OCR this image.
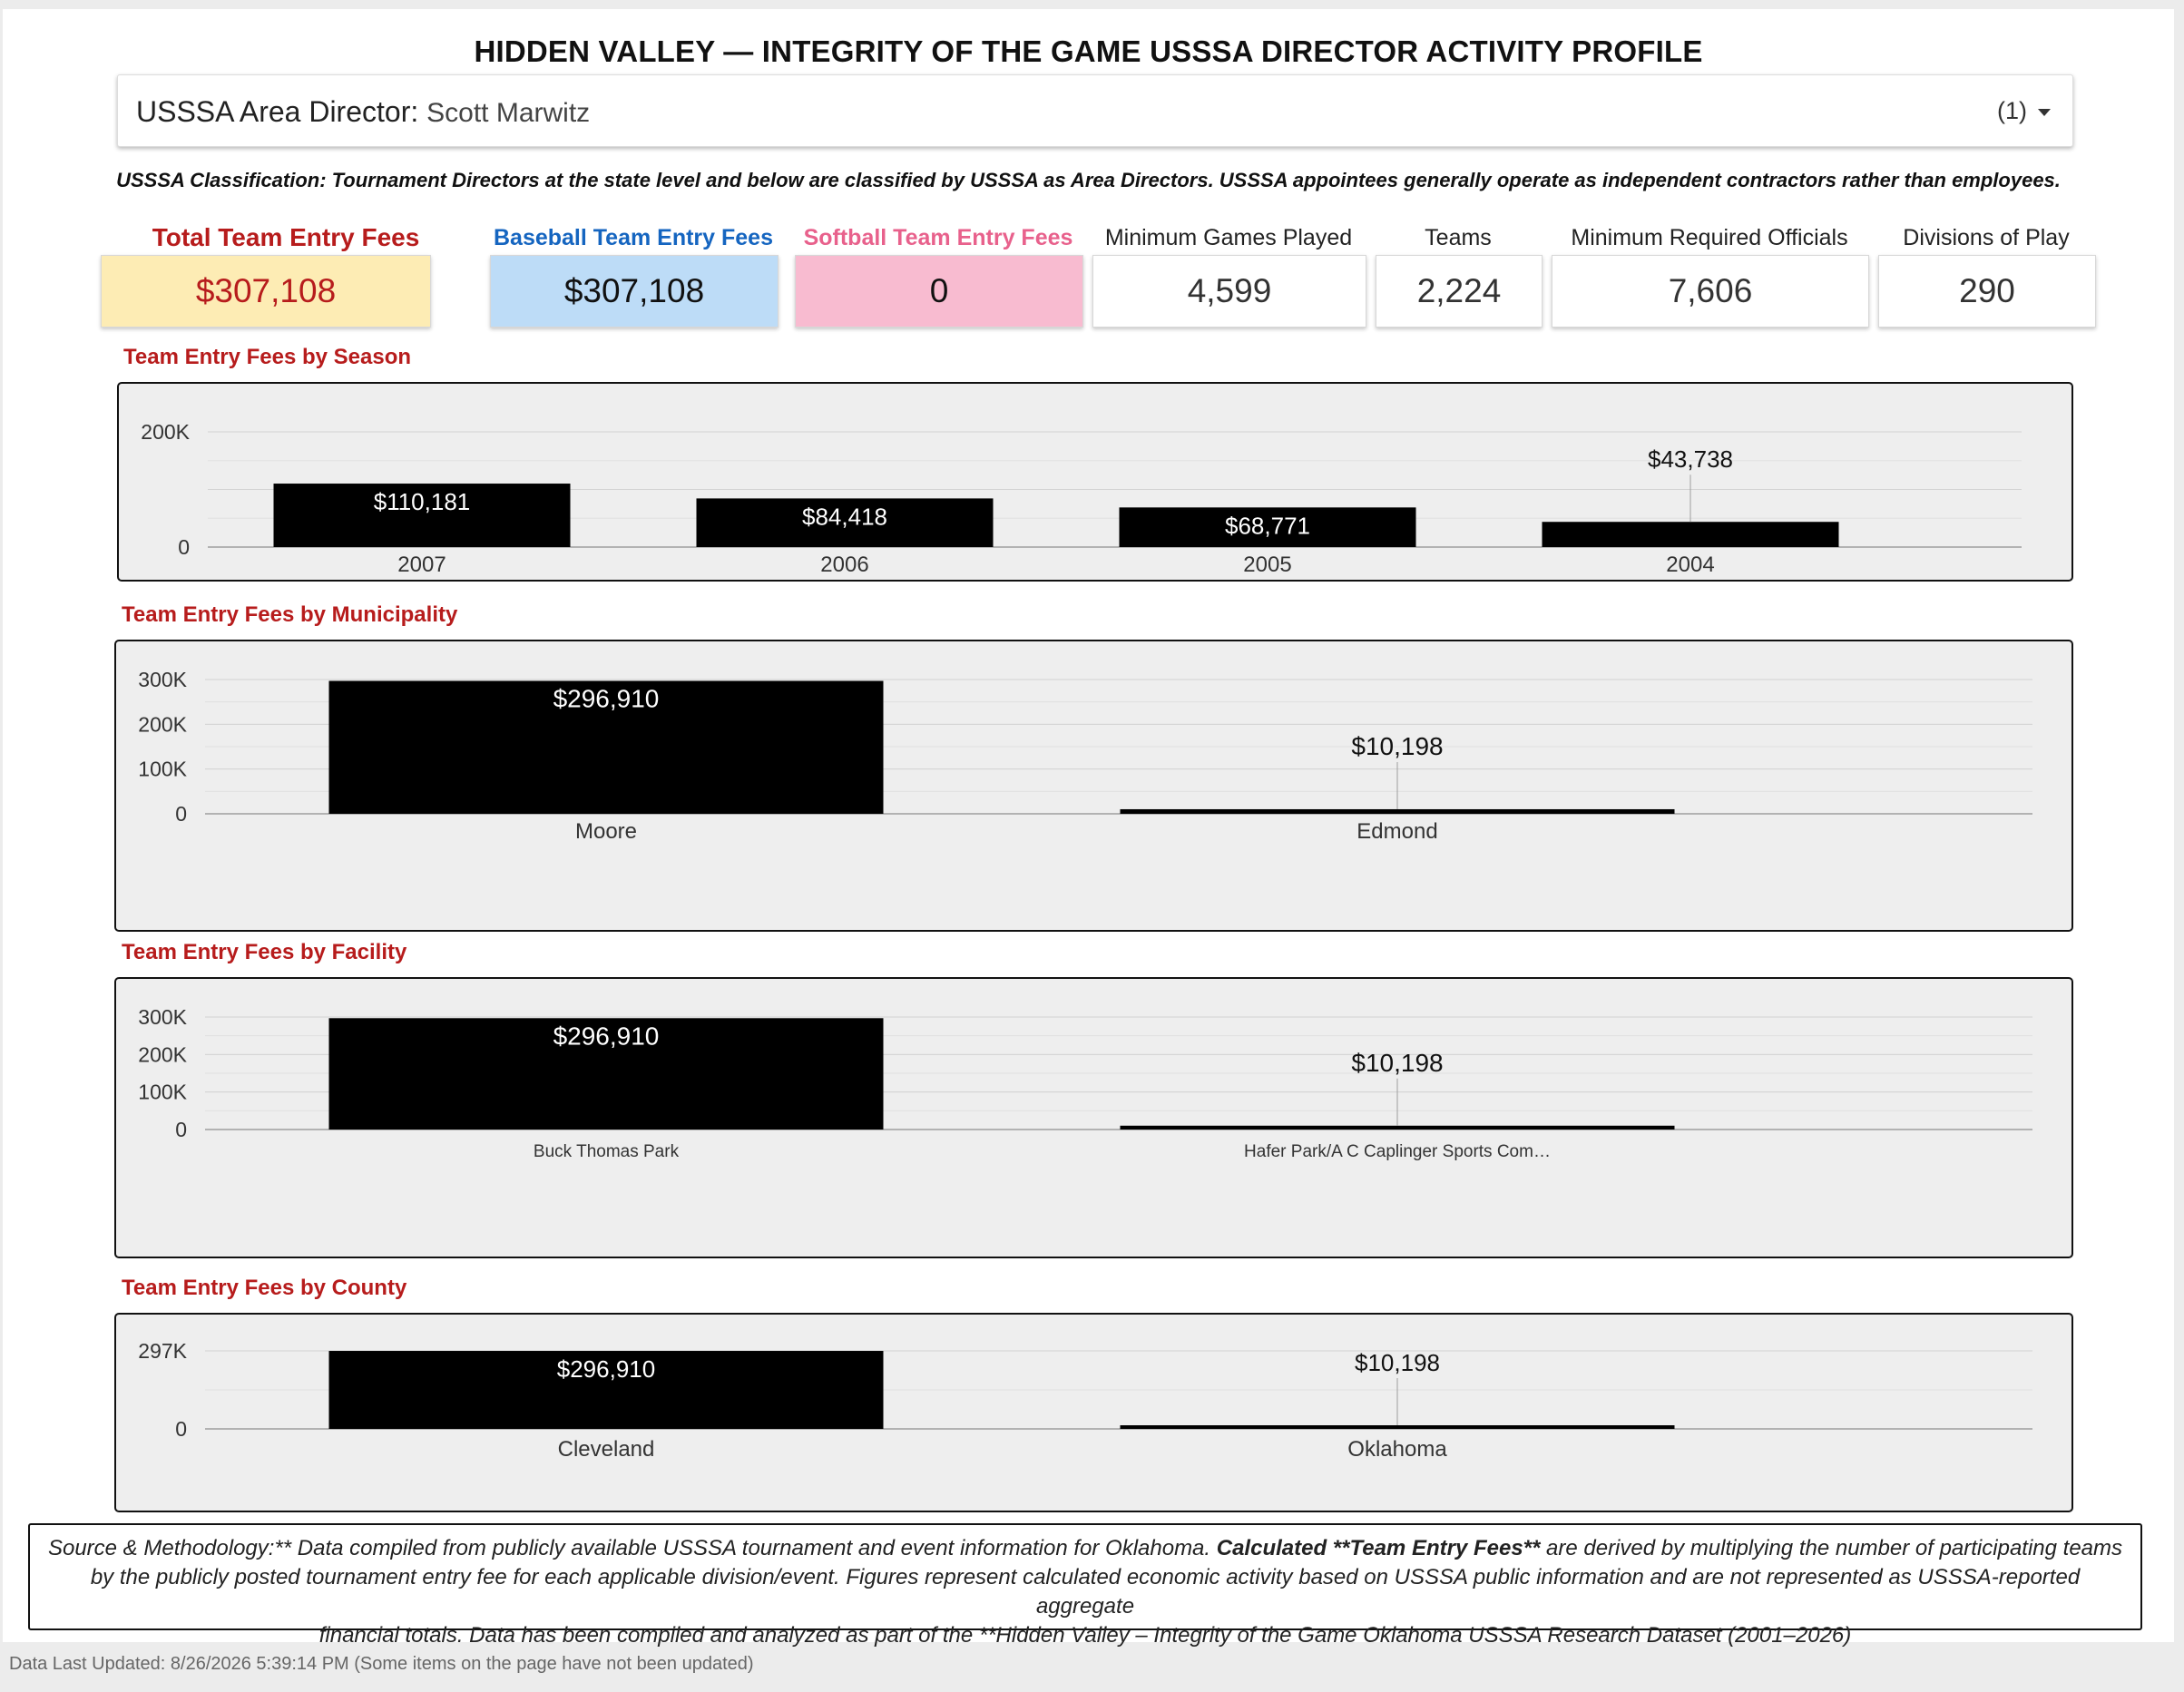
HIDDEN VALLEY — INTEGRITY OF THE GAME USSSA DIRECTOR ACTIVITY PROFILE
USSSA Area Director: Scott Marwitz	(1)
USSSA Classification: Tournament Directors at the state level and below are classified by USSSA as Area Directors. USSSA appointees generally operate as independent contractors rather than employees.
Total Team Entry Fees
$307,108
Baseball Team Entry Fees
$307,108
Softball Team Entry Fees
0
Minimum Games Played
4,599
Teams
2,224
Minimum Required Officials
7,606
Divisions of Play
290
Team Entry Fees by Season
Team Entry Fees by Municipality
Team Entry Fees by Facility
Team Entry Fees by County
0
200K
2007
$110,181
2006
$84,418
2005
$68,771
2004
$43,738
0
100K
200K
300K
Moore
$296,910
Edmond
$10,198
0
100K
200K
300K
Buck Thomas Park
$296,910
Hafer Park/A C Caplinger Sports Com…
$10,198
0
297K
Cleveland
$296,910
Oklahoma
$10,198
Source & Methodology:** Data compiled from publicly available USSSA tournament and event information for Oklahoma. Calculated **Team Entry Fees** are derived by multiplying the number of participating teams
by the publicly posted tournament entry fee for each applicable division/event. Figures represent calculated economic activity based on USSSA public information and are not represented as USSSA-reported aggregate
financial totals. Data has been compiled and analyzed as part of the **Hidden Valley – Integrity of the Game Oklahoma USSSA Research Dataset (2001–2026)
Data Last Updated: 8/26/2026 5:39:14 PM (Some items on the page have not been updated)
